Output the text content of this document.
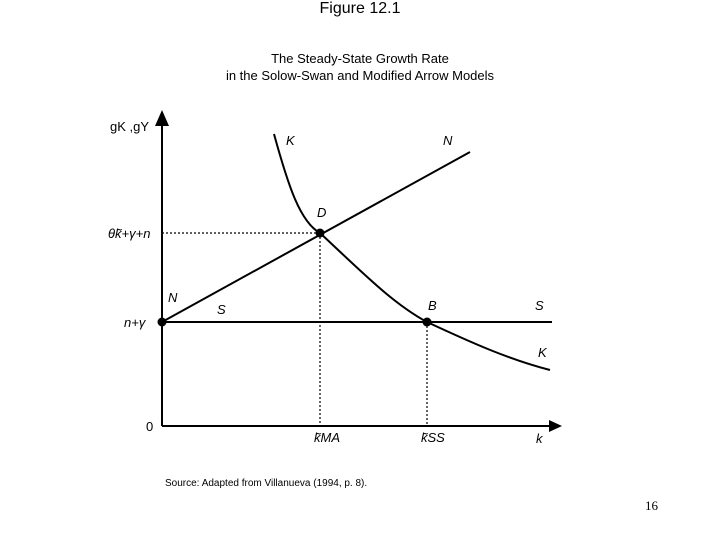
Figure 12.1
The Steady-State Growth Rate
in the Solow-Swan and Modified Arrow Models
gK ,gY
k
0
θk̃+γ+n
n+γ
k̃MA	k̃SS
K
K
N
N
S	S
D
B
Source: Adapted from Villanueva (1994, p. 8).
16
